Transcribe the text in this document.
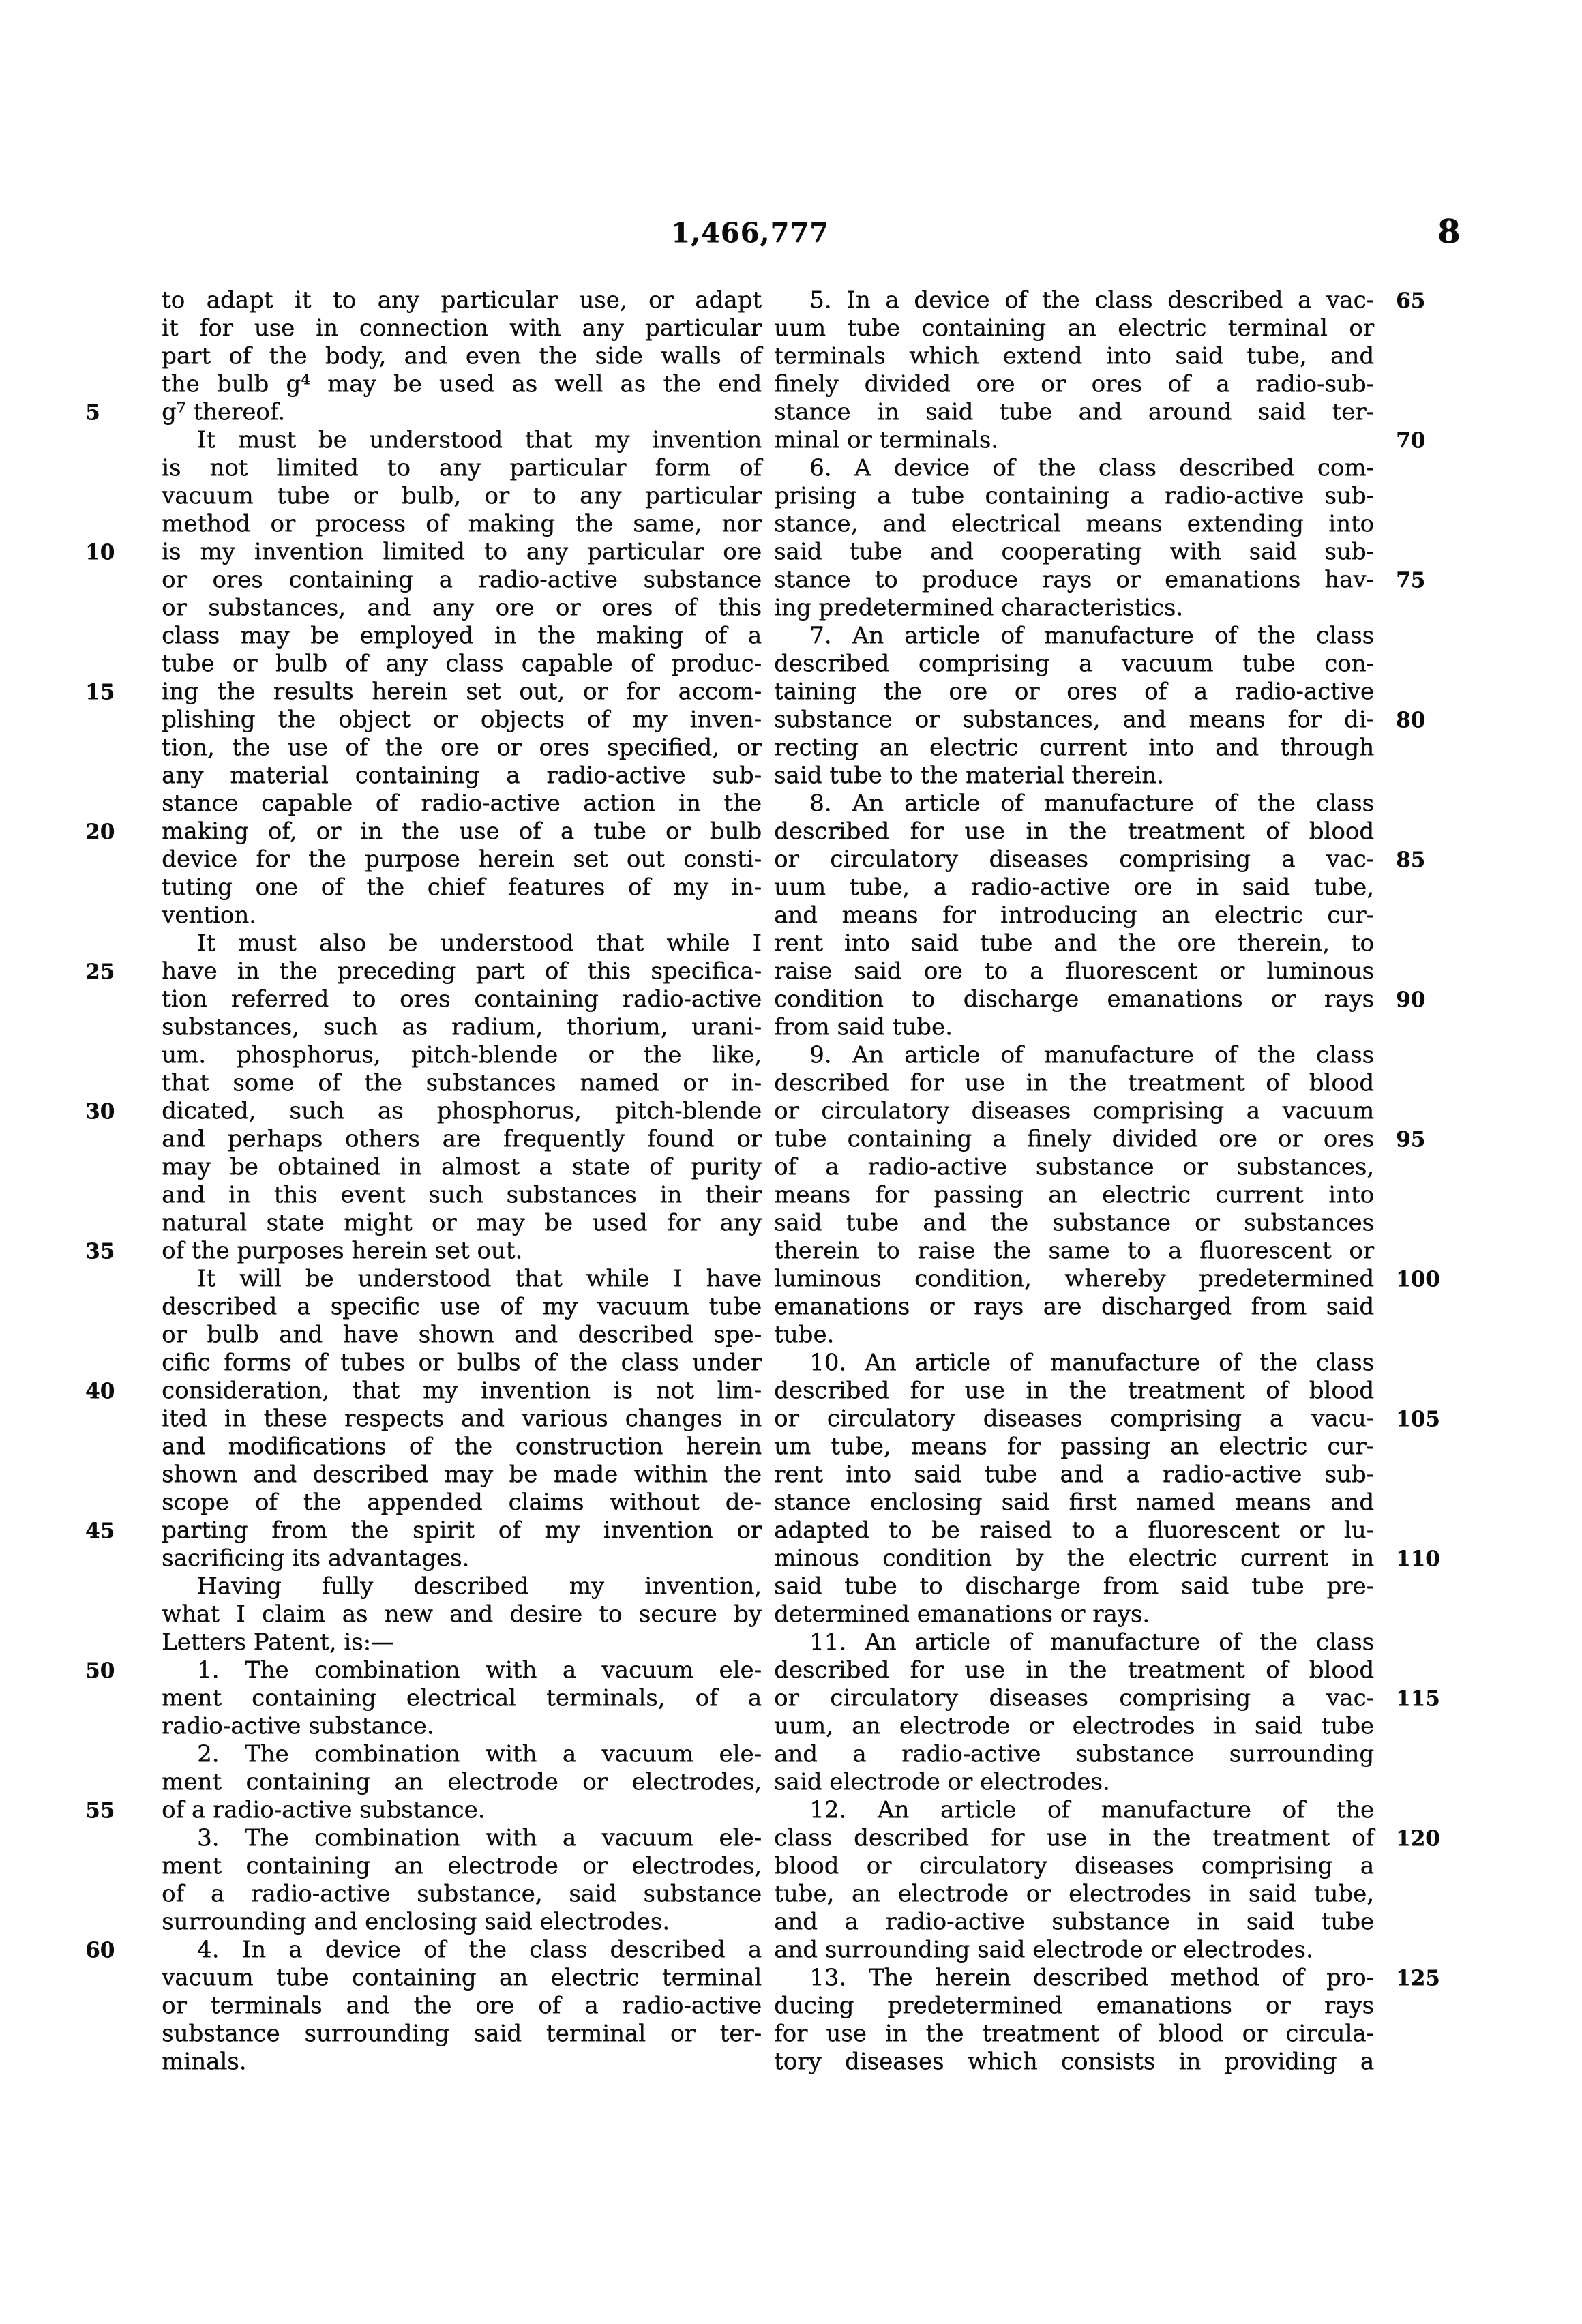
1,466,777	8
to adapt it to any particular use, or adapt
it for use in connection with any particular
part of the body, and even the side walls of
the bulb g⁴ may be used as well as the end
5	g⁷ thereof.
It must be understood that my invention
is not limited to any particular form of
vacuum tube or bulb, or to any particular
method or process of making the same, nor
10	is my invention limited to any particular ore
or ores containing a radio-active substance
or substances, and any ore or ores of this
class may be employed in the making of a
tube or bulb of any class capable of produc-
15	ing the results herein set out, or for accom-
plishing the object or objects of my inven-
tion, the use of the ore or ores specified, or
any material containing a radio-active sub-
stance capable of radio-active action in the
20	making of, or in the use of a tube or bulb
device for the purpose herein set out consti-
tuting one of the chief features of my in-
vention.
It must also be understood that while I
25	have in the preceding part of this specifica-
tion referred to ores containing radio-active
substances, such as radium, thorium, urani-
um. phosphorus, pitch-blende or the like,
that some of the substances named or in-
30	dicated, such as phosphorus, pitch-blende
and perhaps others are frequently found or
may be obtained in almost a state of purity
and in this event such substances in their
natural state might or may be used for any
35	of the purposes herein set out.
It will be understood that while I have
described a specific use of my vacuum tube
or bulb and have shown and described spe-
cific forms of tubes or bulbs of the class under
40	consideration, that my invention is not lim-
ited in these respects and various changes in
and modifications of the construction herein
shown and described may be made within the
scope of the appended claims without de-
45	parting from the spirit of my invention or
sacrificing its advantages.
Having fully described my invention,
what I claim as new and desire to secure by
Letters Patent, is:—
50	1. The combination with a vacuum ele-
ment containing electrical terminals, of a
radio-active substance.
2. The combination with a vacuum ele-
ment containing an electrode or electrodes,
55	of a radio-active substance.
3. The combination with a vacuum ele-
ment containing an electrode or electrodes,
of a radio-active substance, said substance
surrounding and enclosing said electrodes.
60	4. In a device of the class described a
vacuum tube containing an electric terminal
or terminals and the ore of a radio-active
substance surrounding said terminal or ter-
minals.
65
5. In a device of the class described a vac-
uum tube containing an electric terminal or
terminals which extend into said tube, and
finely divided ore or ores of a radio-sub-
stance in said tube and around said ter-
70
minal or terminals.
6. A device of the class described com-
prising a tube containing a radio-active sub-
stance, and electrical means extending into
said tube and cooperating with said sub-
75
stance to produce rays or emanations hav-
ing predetermined characteristics.
7. An article of manufacture of the class
described comprising a vacuum tube con-
taining the ore or ores of a radio-active
80
substance or substances, and means for di-
recting an electric current into and through
said tube to the material therein.
8. An article of manufacture of the class
described for use in the treatment of blood
85
or circulatory diseases comprising a vac-
uum tube, a radio-active ore in said tube,
and means for introducing an electric cur-
rent into said tube and the ore therein, to
raise said ore to a fluorescent or luminous
90
condition to discharge emanations or rays
from said tube.
9. An article of manufacture of the class
described for use in the treatment of blood
or circulatory diseases comprising a vacuum
95
tube containing a finely divided ore or ores
of a radio-active substance or substances,
means for passing an electric current into
said tube and the substance or substances
therein to raise the same to a fluorescent or
100
luminous condition, whereby predetermined
emanations or rays are discharged from said
tube.
10. An article of manufacture of the class
described for use in the treatment of blood
105
or circulatory diseases comprising a vacu-
um tube, means for passing an electric cur-
rent into said tube and a radio-active sub-
stance enclosing said first named means and
adapted to be raised to a fluorescent or lu-
110
minous condition by the electric current in
said tube to discharge from said tube pre-
determined emanations or rays.
11. An article of manufacture of the class
described for use in the treatment of blood
115
or circulatory diseases comprising a vac-
uum, an electrode or electrodes in said tube
and a radio-active substance surrounding
said electrode or electrodes.
12. An article of manufacture of the
120
class described for use in the treatment of
blood or circulatory diseases comprising a
tube, an electrode or electrodes in said tube,
and a radio-active substance in said tube
and surrounding said electrode or electrodes.
125
13. The herein described method of pro-
ducing predetermined emanations or rays
for use in the treatment of blood or circula-
tory diseases which consists in providing a
